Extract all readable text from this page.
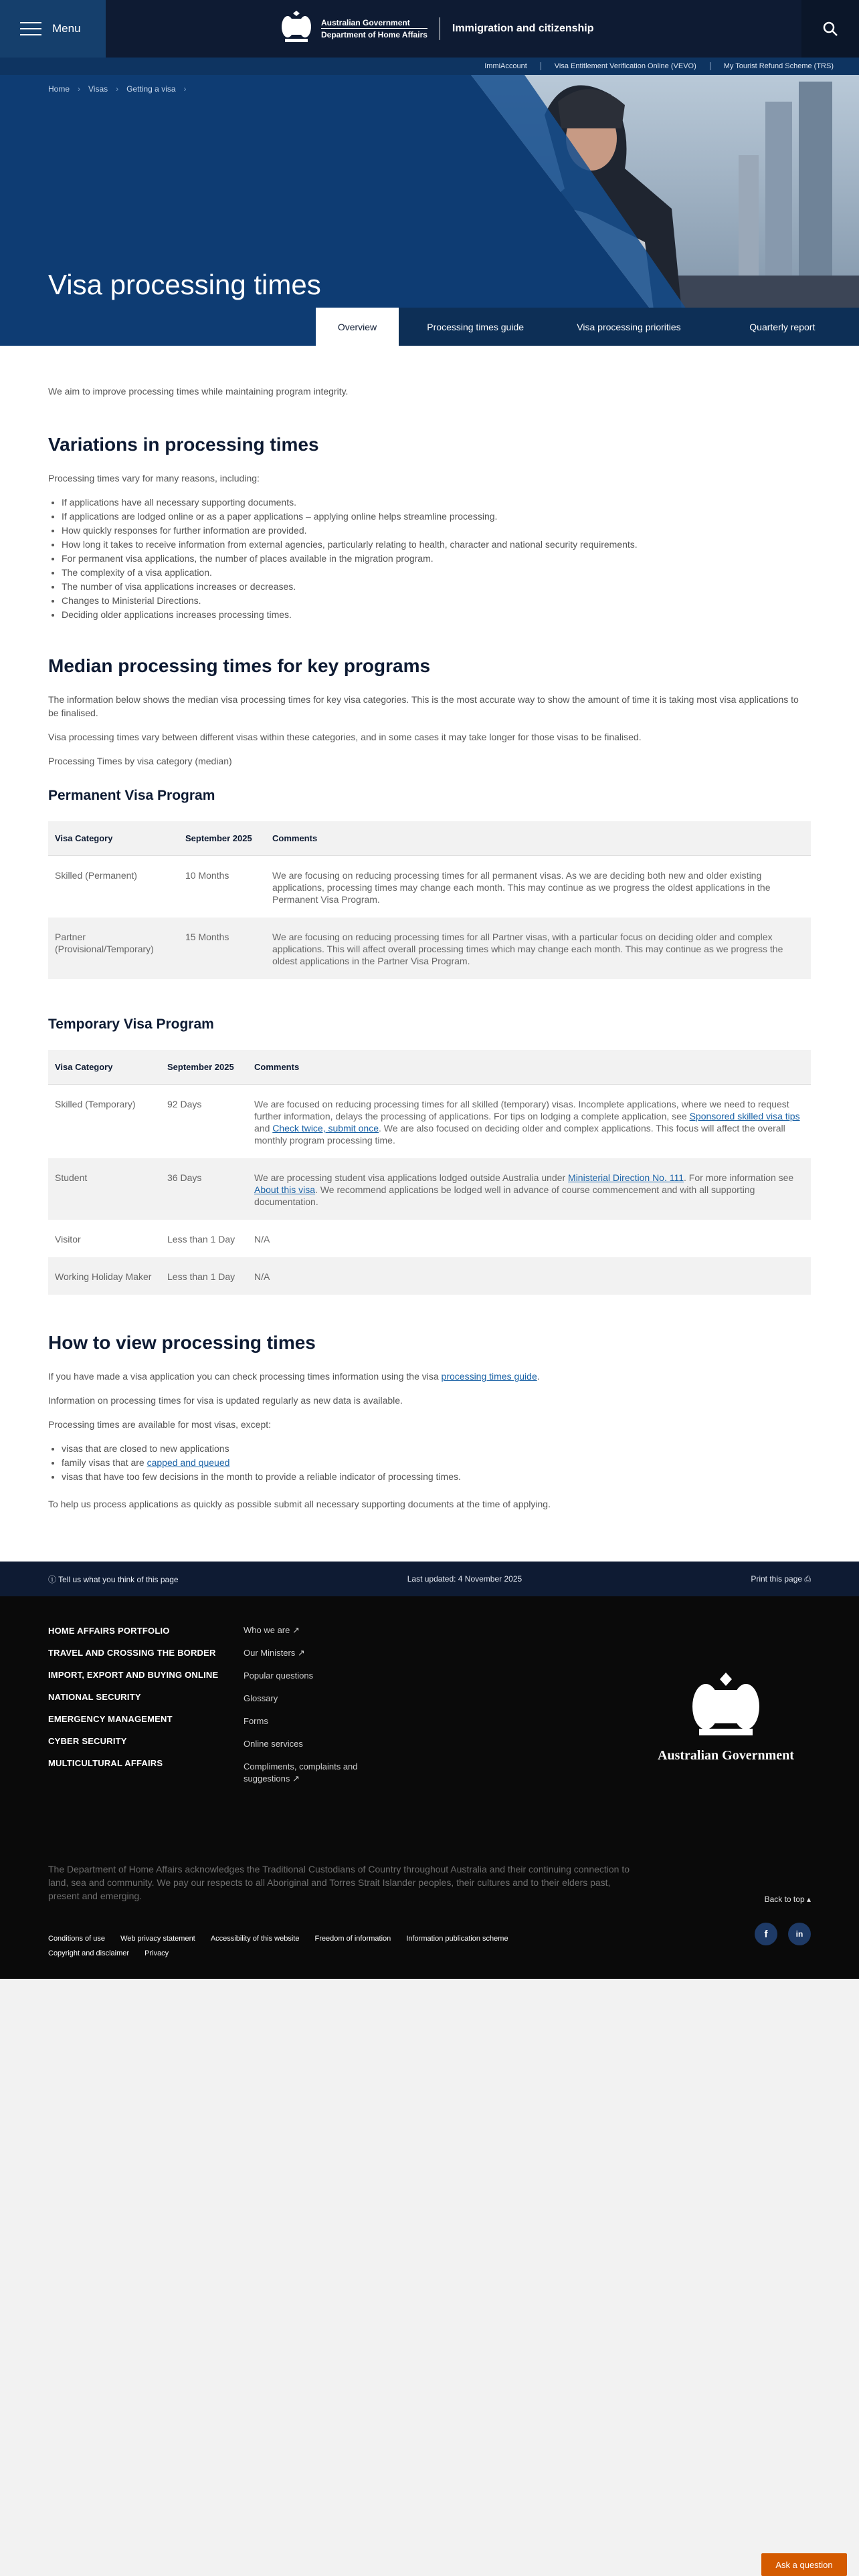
Menu	Australian Government
Department of Home Affairs
Immigration and citizenship
ImmiAccount	Visa Entitlement Verification Online (VEVO)	My Tourist Refund Scheme (TRS)
Home › Visas › Getting a visa ›
Visa processing times
Overview	Processing times guide	Visa processing priorities	Quarterly report

We aim to improve processing times while maintaining program integrity.

Variations in processing times

Processing times vary for many reasons, including:

• If applications have all necessary supporting documents.
• If applications are lodged online or as a paper applications – applying online helps streamline processing.
• How quickly responses for further information are provided.
• How long it takes to receive information from external agencies, particularly relating to health, character and national security requirements.
• For permanent visa applications, the number of places available in the migration program.
• The complexity of a visa application.
• The number of visa applications increases or decreases.
• Changes to Ministerial Directions.
• Deciding older applications increases processing times.
Median processing times for key programs

The information below shows the median visa processing times for key visa categories. This is the most accurate way to show the amount of time it is taking most visa applications to be finalised.

Visa processing times vary between different visas within these categories, and in some cases it may take longer for those visas to be finalised.

Processing Times by visa category (median)

Permanent Visa Program
Visa Category	September 2025	Comments
Skilled (Permanent)	10 Months	We are focusing on reducing processing times for all permanent visas. As we are deciding both new and older existing applications, processing times may change each month. This may continue as we progress the oldest applications in the Permanent Visa Program.
Partner (Provisional/Temporary)	15 Months	We are focusing on reducing processing times for all Partner visas, with a particular focus on deciding older and complex applications. This will affect overall processing times which may change each month. This may continue as we progress the oldest applications in the Partner Visa Program.
Temporary Visa Program
Visa Category	September 2025	Comments
Skilled (Temporary)	92 Days	We are focused on reducing processing times for all skilled (temporary) visas. Incomplete applications, where we need to request further information, delays the processing of applications. For tips on lodging a complete application, see Sponsored skilled visa tips and Check twice, submit once. We are also focused on deciding older and complex applications. This focus will affect the overall monthly program processing time.
Student	36 Days	We are processing student visa applications lodged outside Australia under Ministerial Direction No. 111. For more information see About this visa. We recommend applications be lodged well in advance of course commencement and with all supporting documentation.
Visitor	Less than 1 Day	N/A
Working Holiday Maker	Less than 1 Day	N/A
How to view processing times

If you have made a visa application you can check processing times information using the visa processing times guide.

Information on processing times for visa is updated regularly as new data is available.

Processing times are available for most visas, except:

• visas that are closed to new applications
• family visas that are capped and queued
• visas that have too few decisions in the month to provide a reliable indicator of processing times.

To help us process applications as quickly as possible submit all necessary supporting documents at the time of applying.

ⓘ Tell us what you think of this page	Last updated: 4 November 2025	Print this page ⎙
HOME AFFAIRS PORTFOLIO
TRAVEL AND CROSSING THE BORDER
IMPORT, EXPORT AND BUYING ONLINE
NATIONAL SECURITY
EMERGENCY MANAGEMENT
CYBER SECURITY
MULTICULTURAL AFFAIRS
Who we are ↗
Our Ministers ↗
Popular questions
Glossary
Forms
Online services
Compliments, complaints and suggestions ↗
Australian Government

The Department of Home Affairs acknowledges the Traditional Custodians of Country throughout Australia and their continuing connection to land, sea and community. We pay our respects to all Aboriginal and Torres Strait Islander peoples, their cultures and to their elders past, present and emerging.	Back to top ▴
Conditions of use Web privacy statement Accessibility of this website Freedom of information Information publication scheme
Copyright and disclaimer Privacy
f	in
Ask a question
